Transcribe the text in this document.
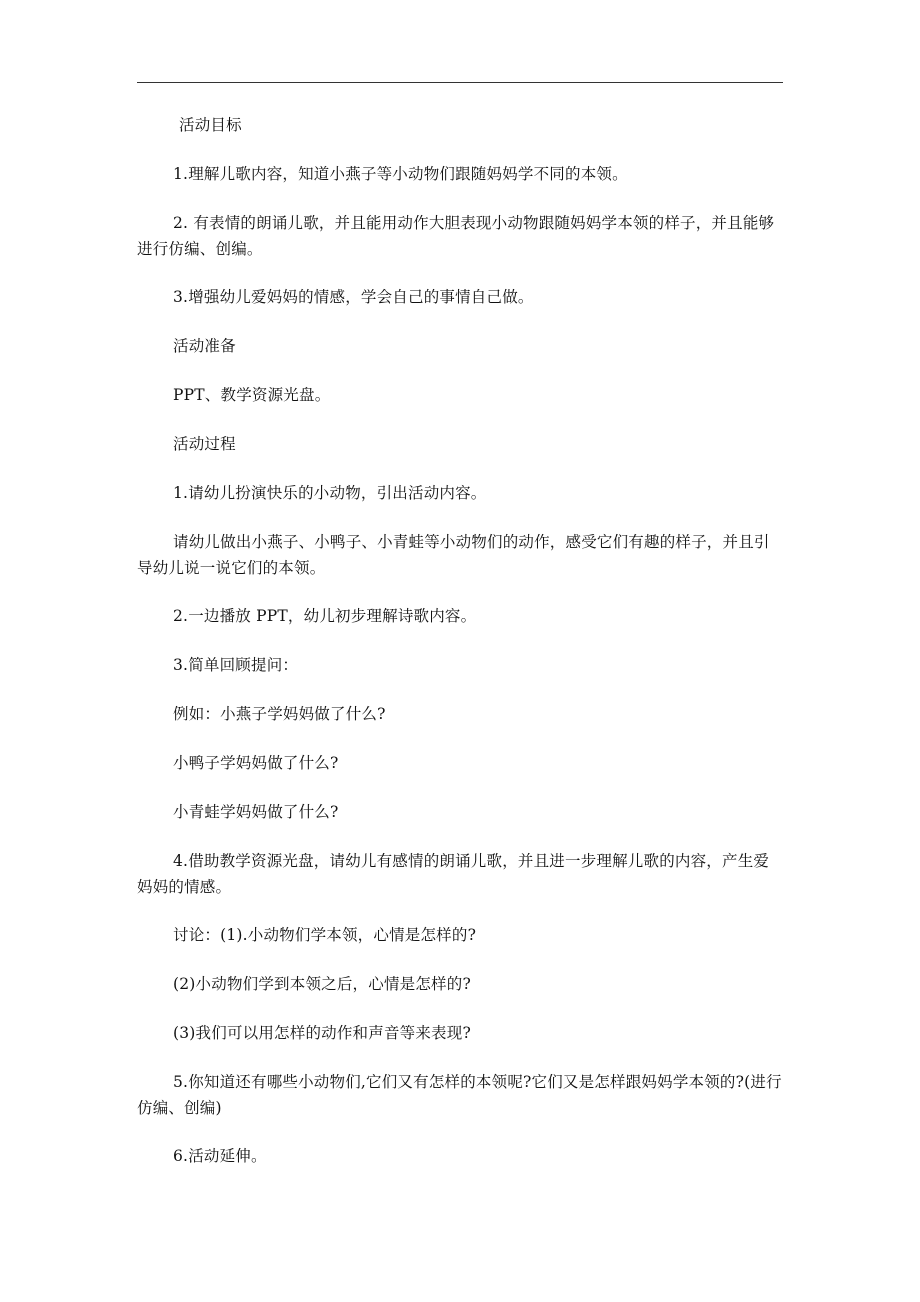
活动目标

1.理解儿歌内容，知道小燕子等小动物们跟随妈妈学不同的本领。

2. 有表情的朗诵儿歌，并且能用动作大胆表现小动物跟随妈妈学本领的样子，并且能够进行仿编、创编。

3.增强幼儿爱妈妈的情感，学会自己的事情自己做。

活动准备

PPT、教学资源光盘。

活动过程

1.请幼儿扮演快乐的小动物，引出活动内容。

请幼儿做出小燕子、小鸭子、小青蛙等小动物们的动作，感受它们有趣的样子，并且引导幼儿说一说它们的本领。

2.一边播放 PPT，幼儿初步理解诗歌内容。

3.简单回顾提问：

例如：小燕子学妈妈做了什么?

小鸭子学妈妈做了什么?

小青蛙学妈妈做了什么?

4.借助教学资源光盘，请幼儿有感情的朗诵儿歌，并且进一步理解儿歌的内容，产生爱妈妈的情感。

讨论：(1).小动物们学本领，心情是怎样的?

(2)小动物们学到本领之后，心情是怎样的?

(3)我们可以用怎样的动作和声音等来表现?

5.你知道还有哪些小动物们,它们又有怎样的本领呢?它们又是怎样跟妈妈学本领的?(进行仿编、创编)

6.活动延伸。
